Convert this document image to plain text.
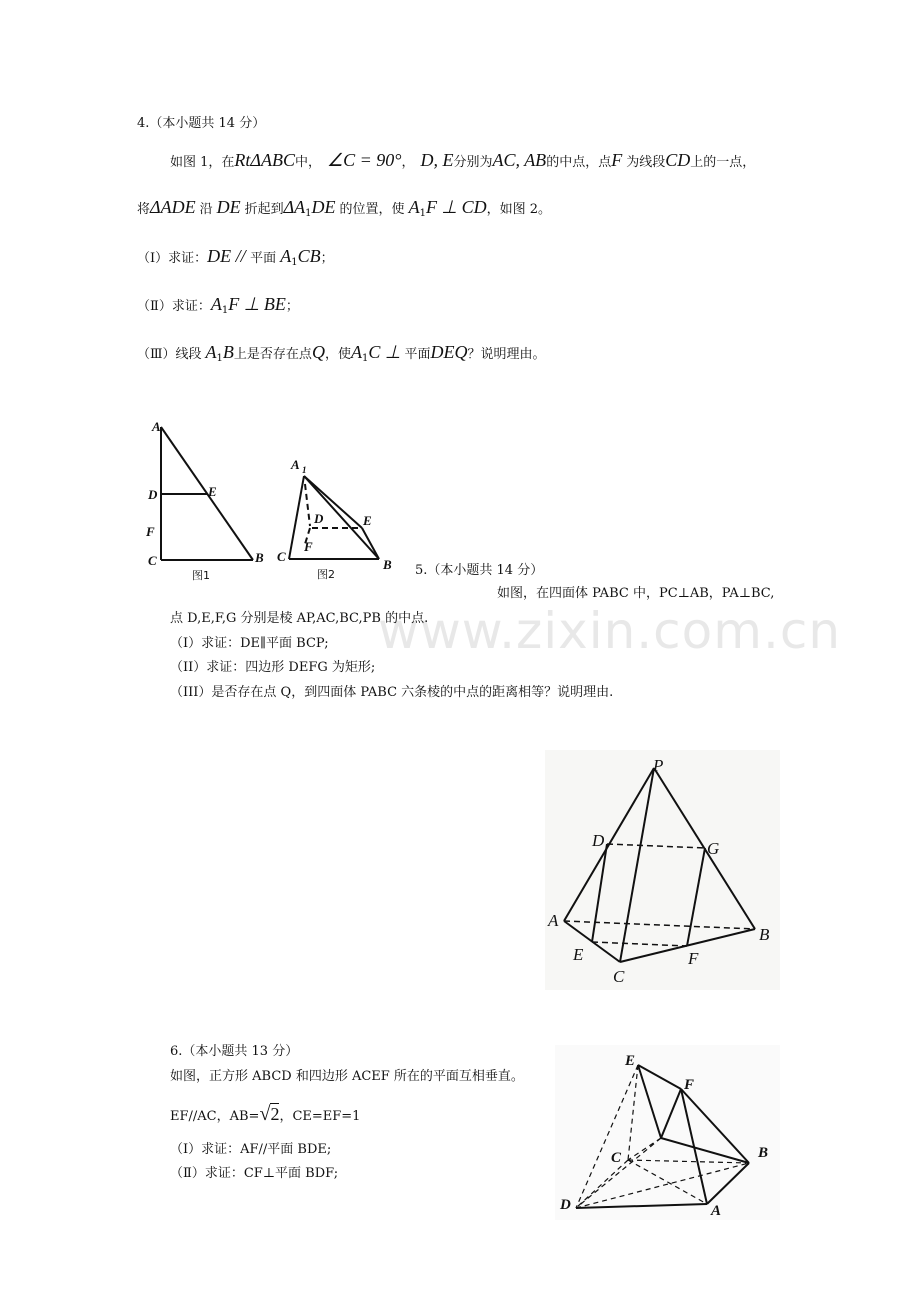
www.zixin.com.cn
4.（本小题共 14 分）
如图 1，在RtΔABC中， ∠C = 90°， D, E分别为AC, AB的中点，点F 为线段CD上的一点，
将ΔADE 沿 DE 折起到$\Delta A_1DE$ 的位置，使 $A_1F$ ⊥ CD，如图 2。
（Ⅰ）求证：DE // 平面 $A_1CB$；
（Ⅱ）求证：$A_1F$ ⊥ BE；
（Ⅲ）线段 $A_1B$上是否存在点Q，使$A_1C$ ⊥ 平面DEQ？说明理由。
A
D	E
F
C	B
图1
A 1
D	E
F
C
B
图2	5.（本小题共 14 分）
如图，在四面体 PABC 中，PC⊥AB，PA⊥BC,
点 D,E,F,G 分别是棱 AP,AC,BC,PB 的中点.
（I）求证：DE∥平面 BCP;
（II）求证：四边形 DEFG 为矩形;
（III）是否存在点 Q，到四面体 PABC 六条棱的中点的距离相等？说明理由.
P
D	G
A
B
E	F
C
6.（本小题共 13 分）
如图，正方形 ABCD 和四边形 ACEF 所在的平面互相垂直。
EF//AC，AB=√2，CE=EF=1
（Ⅰ）求证：AF//平面 BDE;
（Ⅱ）求证：CF⊥平面 BDF;
E
F
C	B
D	A
